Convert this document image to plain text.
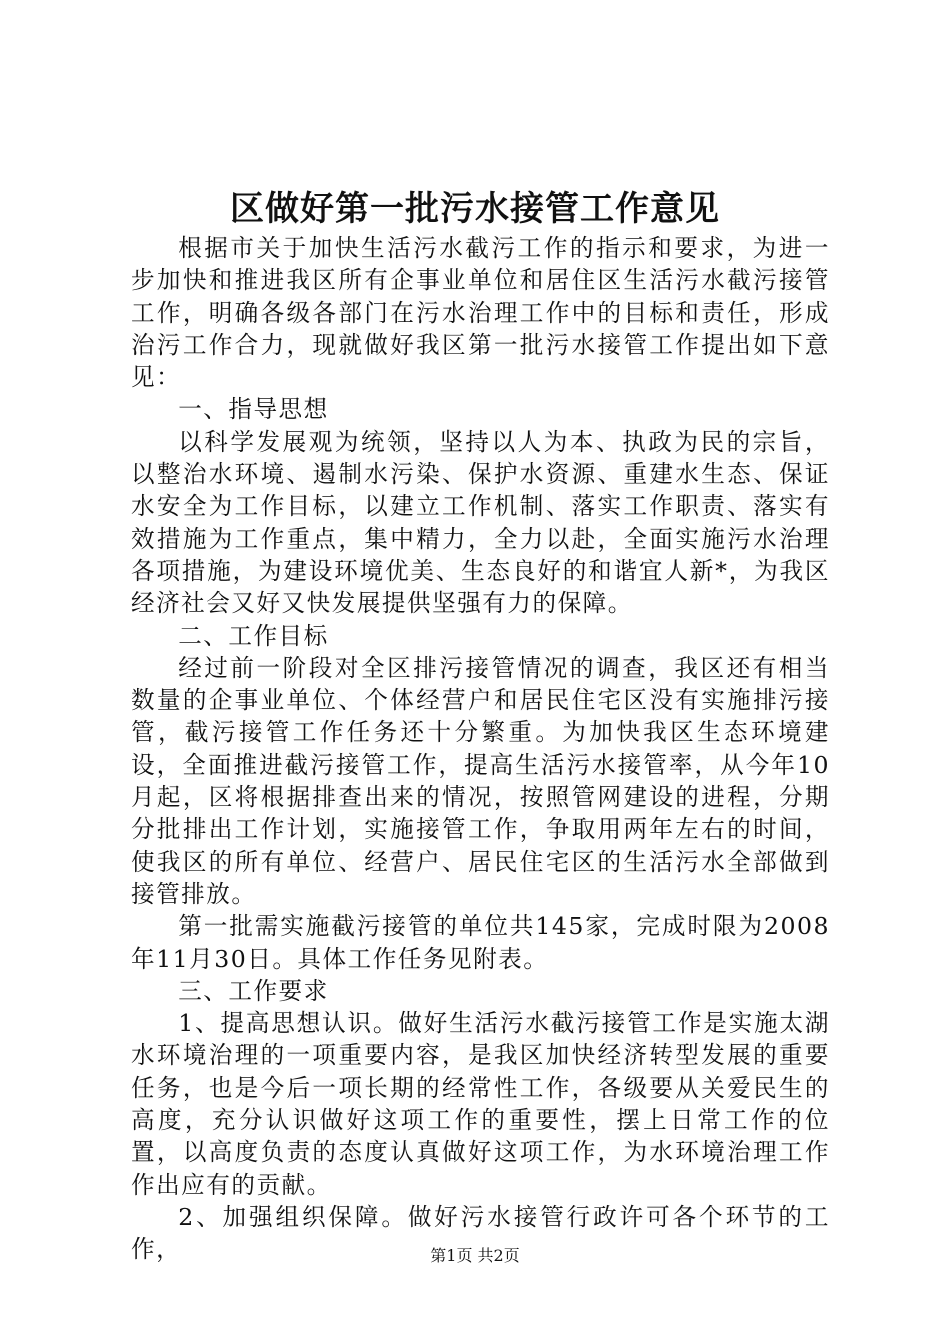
区做好第一批污水接管工作意见

根据市关于加快生活污水截污工作的指示和要求，为进一步加快和推进我区所有企事业单位和居住区生活污水截污接管工作，明确各级各部门在污水治理工作中的目标和责任，形成治污工作合力，现就做好我区第一批污水接管工作提出如下意见：

一、指导思想

以科学发展观为统领，坚持以人为本、执政为民的宗旨，以整治水环境、遏制水污染、保护水资源、重建水生态、保证水安全为工作目标，以建立工作机制、落实工作职责、落实有效措施为工作重点，集中精力，全力以赴，全面实施污水治理各项措施，为建设环境优美、生态良好的和谐宜人新*，为我区经济社会又好又快发展提供坚强有力的保障。

二、工作目标

经过前一阶段对全区排污接管情况的调查，我区还有相当数量的企事业单位、个体经营户和居民住宅区没有实施排污接管，截污接管工作任务还十分繁重。为加快我区生态环境建设，全面推进截污接管工作，提高生活污水接管率，从今年10月起，区将根据排查出来的情况，按照管网建设的进程，分期分批排出工作计划，实施接管工作，争取用两年左右的时间，使我区的所有单位、经营户、居民住宅区的生活污水全部做到接管排放。

第一批需实施截污接管的单位共145家，完成时限为2008年11月30日。具体工作任务见附表。

三、工作要求

1、提高思想认识。做好生活污水截污接管工作是实施太湖水环境治理的一项重要内容，是我区加快经济转型发展的重要任务，也是今后一项长期的经常性工作，各级要从关爱民生的高度，充分认识做好这项工作的重要性，摆上日常工作的位置，以高度负责的态度认真做好这项工作，为水环境治理工作作出应有的贡献。

2、加强组织保障。做好污水接管行政许可各个环节的工作，	第1页 共2页
